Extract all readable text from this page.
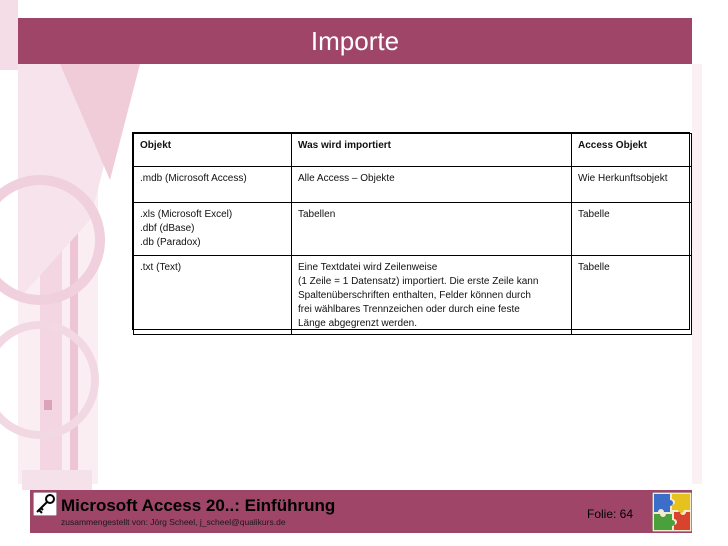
Importe
Objekt	Was wird importiert	Access Objekt

.mdb (Microsoft Access)	Alle Access – Objekte	Wie Herkunftsobjekt

.xls (Microsoft Excel)
.dbf (dBase)
.db (Paradox)	Tabellen	Tabelle

.txt (Text)	Eine Textdatei wird Zeilenweise
(1 Zeile = 1 Datensatz) importiert. Die erste Zeile kann
Spaltenüberschriften enthalten, Felder können durch
frei wählbares Trennzeichen oder durch eine feste
Länge abgegrenzt werden.	Tabelle
Microsoft Access 20..: Einführung
zusammengestellt von: Jörg Scheel, j_scheel@qualikurs.de
Folie: 64
